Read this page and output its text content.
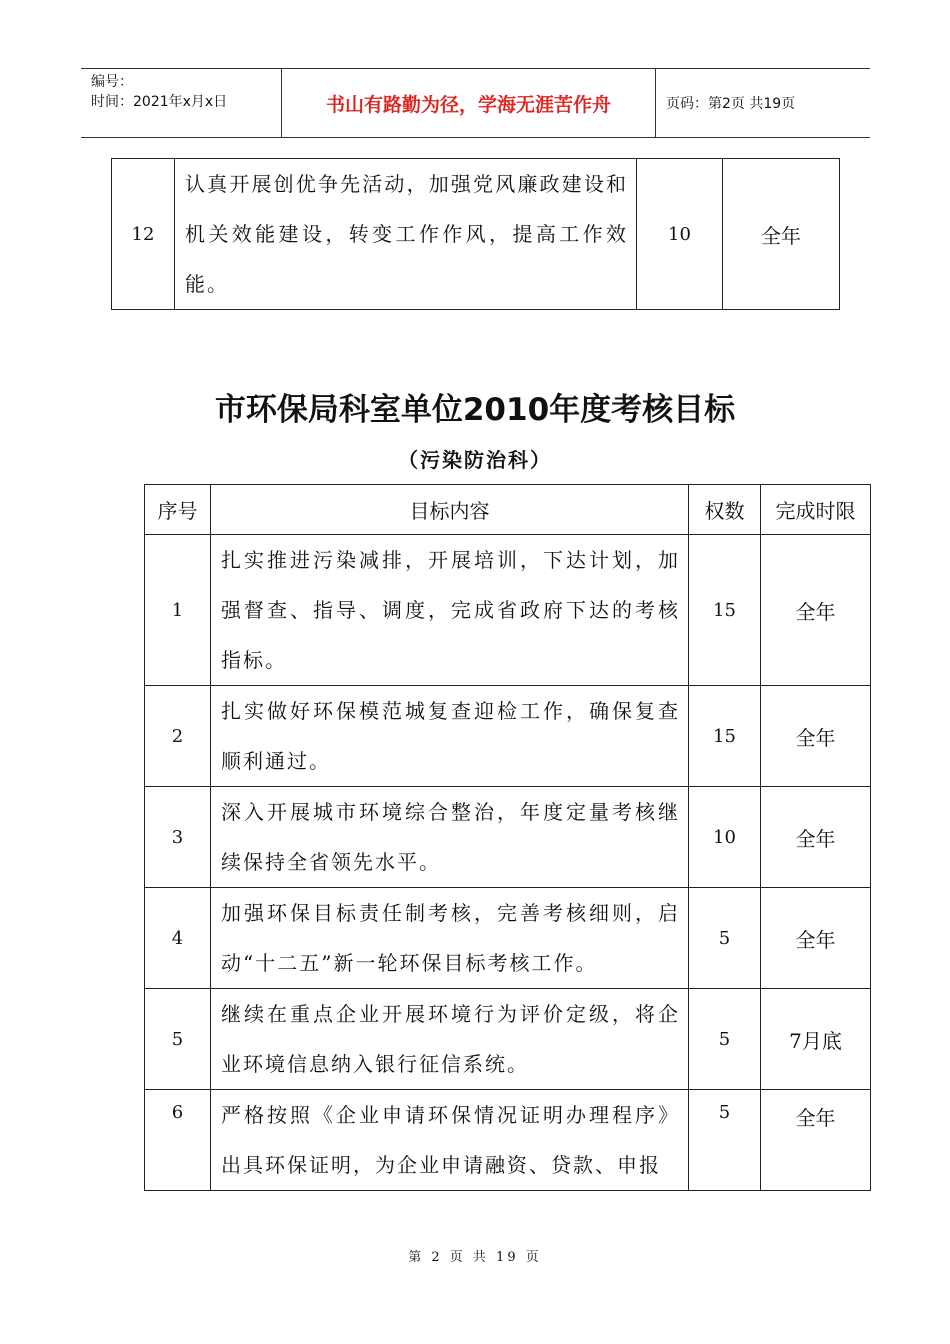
编号：
时间：2021年x月x日	书山有路勤为径，学海无涯苦作舟	页码：第2页 共19页
12	认真开展创优争先活动，加强党风廉政建设和机关效能建设，转变工作作风，提高工作效能。	10	全年
市环保局科室单位2010年度考核目标
（污染防治科）
序号	目标内容	权数	完成时限
1	扎实推进污染减排，开展培训，下达计划，加强督查、指导、调度，完成省政府下达的考核指标。	15	全年
2	扎实做好环保模范城复查迎检工作，确保复查顺利通过。	15	全年
3	深入开展城市环境综合整治，年度定量考核继续保持全省领先水平。	10	全年
4	加强环保目标责任制考核，完善考核细则，启动“十二五”新一轮环保目标考核工作。	5	全年
5	继续在重点企业开展环境行为评价定级，将企业环境信息纳入银行征信系统。	5	7月底
6	严格按照《企业申请环保情况证明办理程序》出具环保证明，为企业申请融资、贷款、申报	5	全年
第 2 页 共 19 页
